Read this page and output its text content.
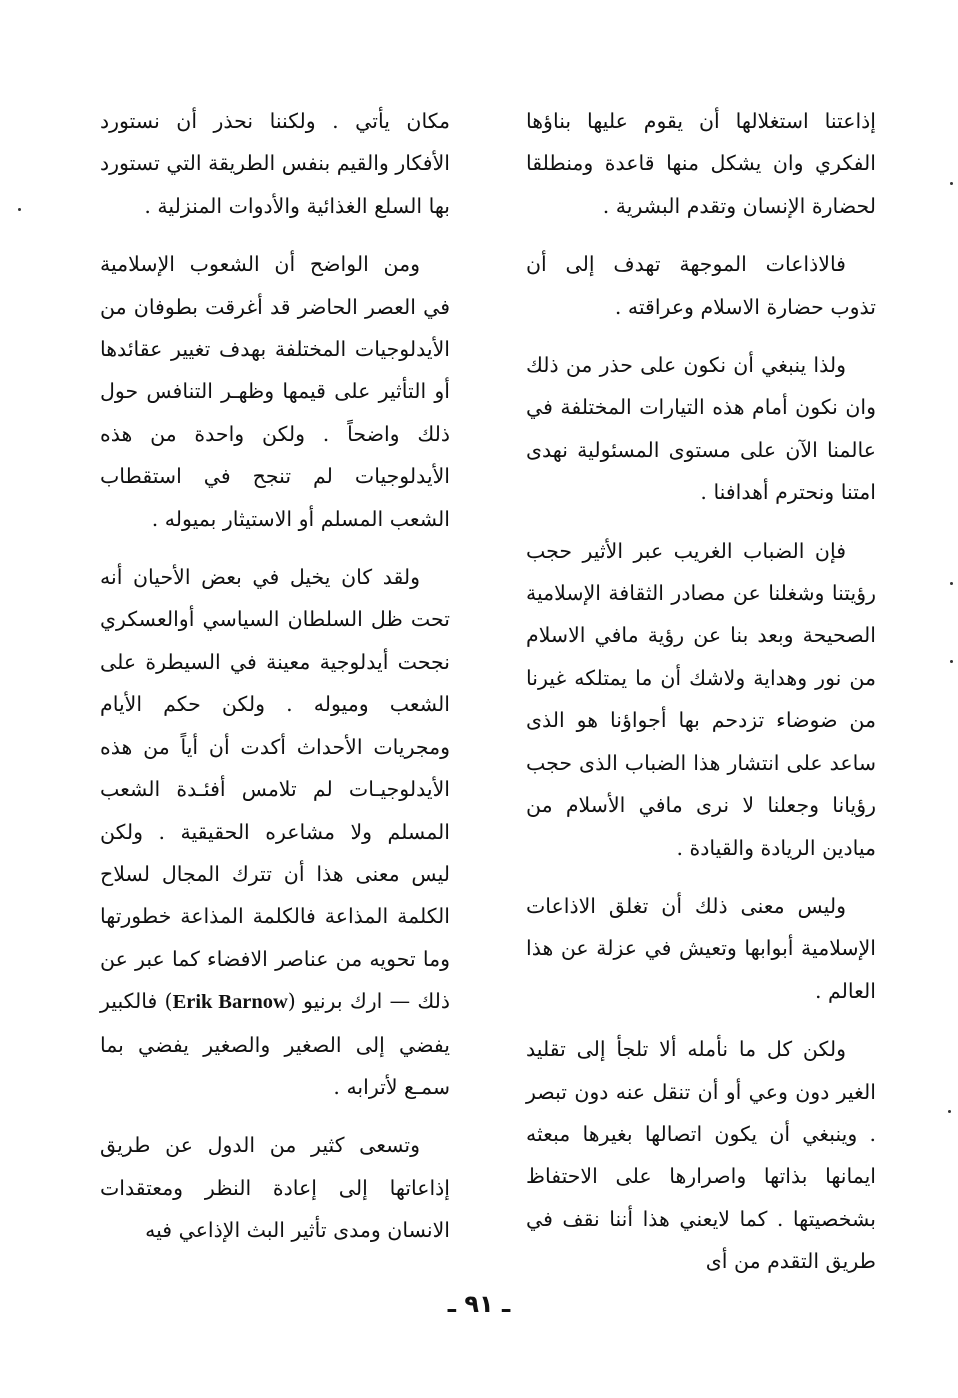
إذاعتنا استغلالها أن يقوم عليها بناؤها الفكري وان يشكل منها قاعدة ومنطلقا لحضارة الإنسان وتقدم البشرية .

فالاذاعات الموجهة تهدف إلى أن تذوب حضارة الاسلام وعراقته .

ولذا ينبغي أن نكون على حذر من ذلك وان نكون أمام هذه التيارات المختلفة في عالمنا الآن على مستوى المسئولية نهدى امتنا ونحترم أهدافنا .

فإن الضباب الغريب عبر الأثير حجب رؤيتنا وشغلنا عن مصادر الثقافة الإسلامية الصحيحة وبعد بنا عن رؤية مافي الاسلام من نور وهداية ولاشك أن ما يمتلكه غيرنا من ضوضاء تزدحم بها أجواؤنا هو الذى ساعد على انتشار هذا الضباب الذى حجب رؤيانا وجعلنا لا نرى مافي الأسلام من ميادين الريادة والقيادة .

وليس معنى ذلك أن تغلق الاذاعات الإسلامية أبوابها وتعيش في عزلة عن هذا العالم .

ولكن كل ما نأمله ألا تلجأ إلى تقليد الغير دون وعي أو أن تنقل عنه دون تبصر . وينبغي أن يكون اتصالها بغيرها مبعثه ايمانها بذاتها واصرارها على الاحتفاظ بشخصيتها . كما لايعني هذا أننا نقف في طريق التقدم من أى

مكان يأتي . ولكننا نحذر أن نستورد الأفكار والقيم بنفس الطريقة التي تستورد بها السلع الغذائية والأدوات المنزلية .

ومن الواضح أن الشعوب الإسلامية في العصر الحاضر قد أغرقت بطوفان من الأيدلوجيات المختلفة بهدف تغيير عقائدها أو التأثير على قيمها وظهـر التنافس حول ذلك واضحاً . ولكن واحدة من هذه الأيدلوجيات لم تنجح في استقطاب الشعب المسلم أو الاستيثار بميوله .

ولقد كان يخيل في بعض الأحيان أنه تحت ظل السلطان السياسي أوالعسكري نجحت أيدلوجية معينة في السيطرة على الشعب وميوله . ولكن حكم الأيام ومجريات الأحداث أكدت أن أياً من هذه الأيدلوجيـات لم تلامس أفئـدة الشعب المسلم ولا مشاعره الحقيقية . ولكن ليس معنى هذا أن تترك المجال لسلاح الكلمة المذاعة فالكلمة المذاعة خطورتها وما تحويه من عناصر الافضاء كما عبر عن ذلك — ارك برنيو (Erik Barnow) فالكبير يفضي إلى الصغير والصغير يفضي بما سمـع لأترابه .

وتسعى كثير من الدول عن طريق إذاعاتها إلى إعادة النظر ومعتقدات الانسان ومدى تأثير البث الإذاعي فيه

ـ ٩١ ـ
